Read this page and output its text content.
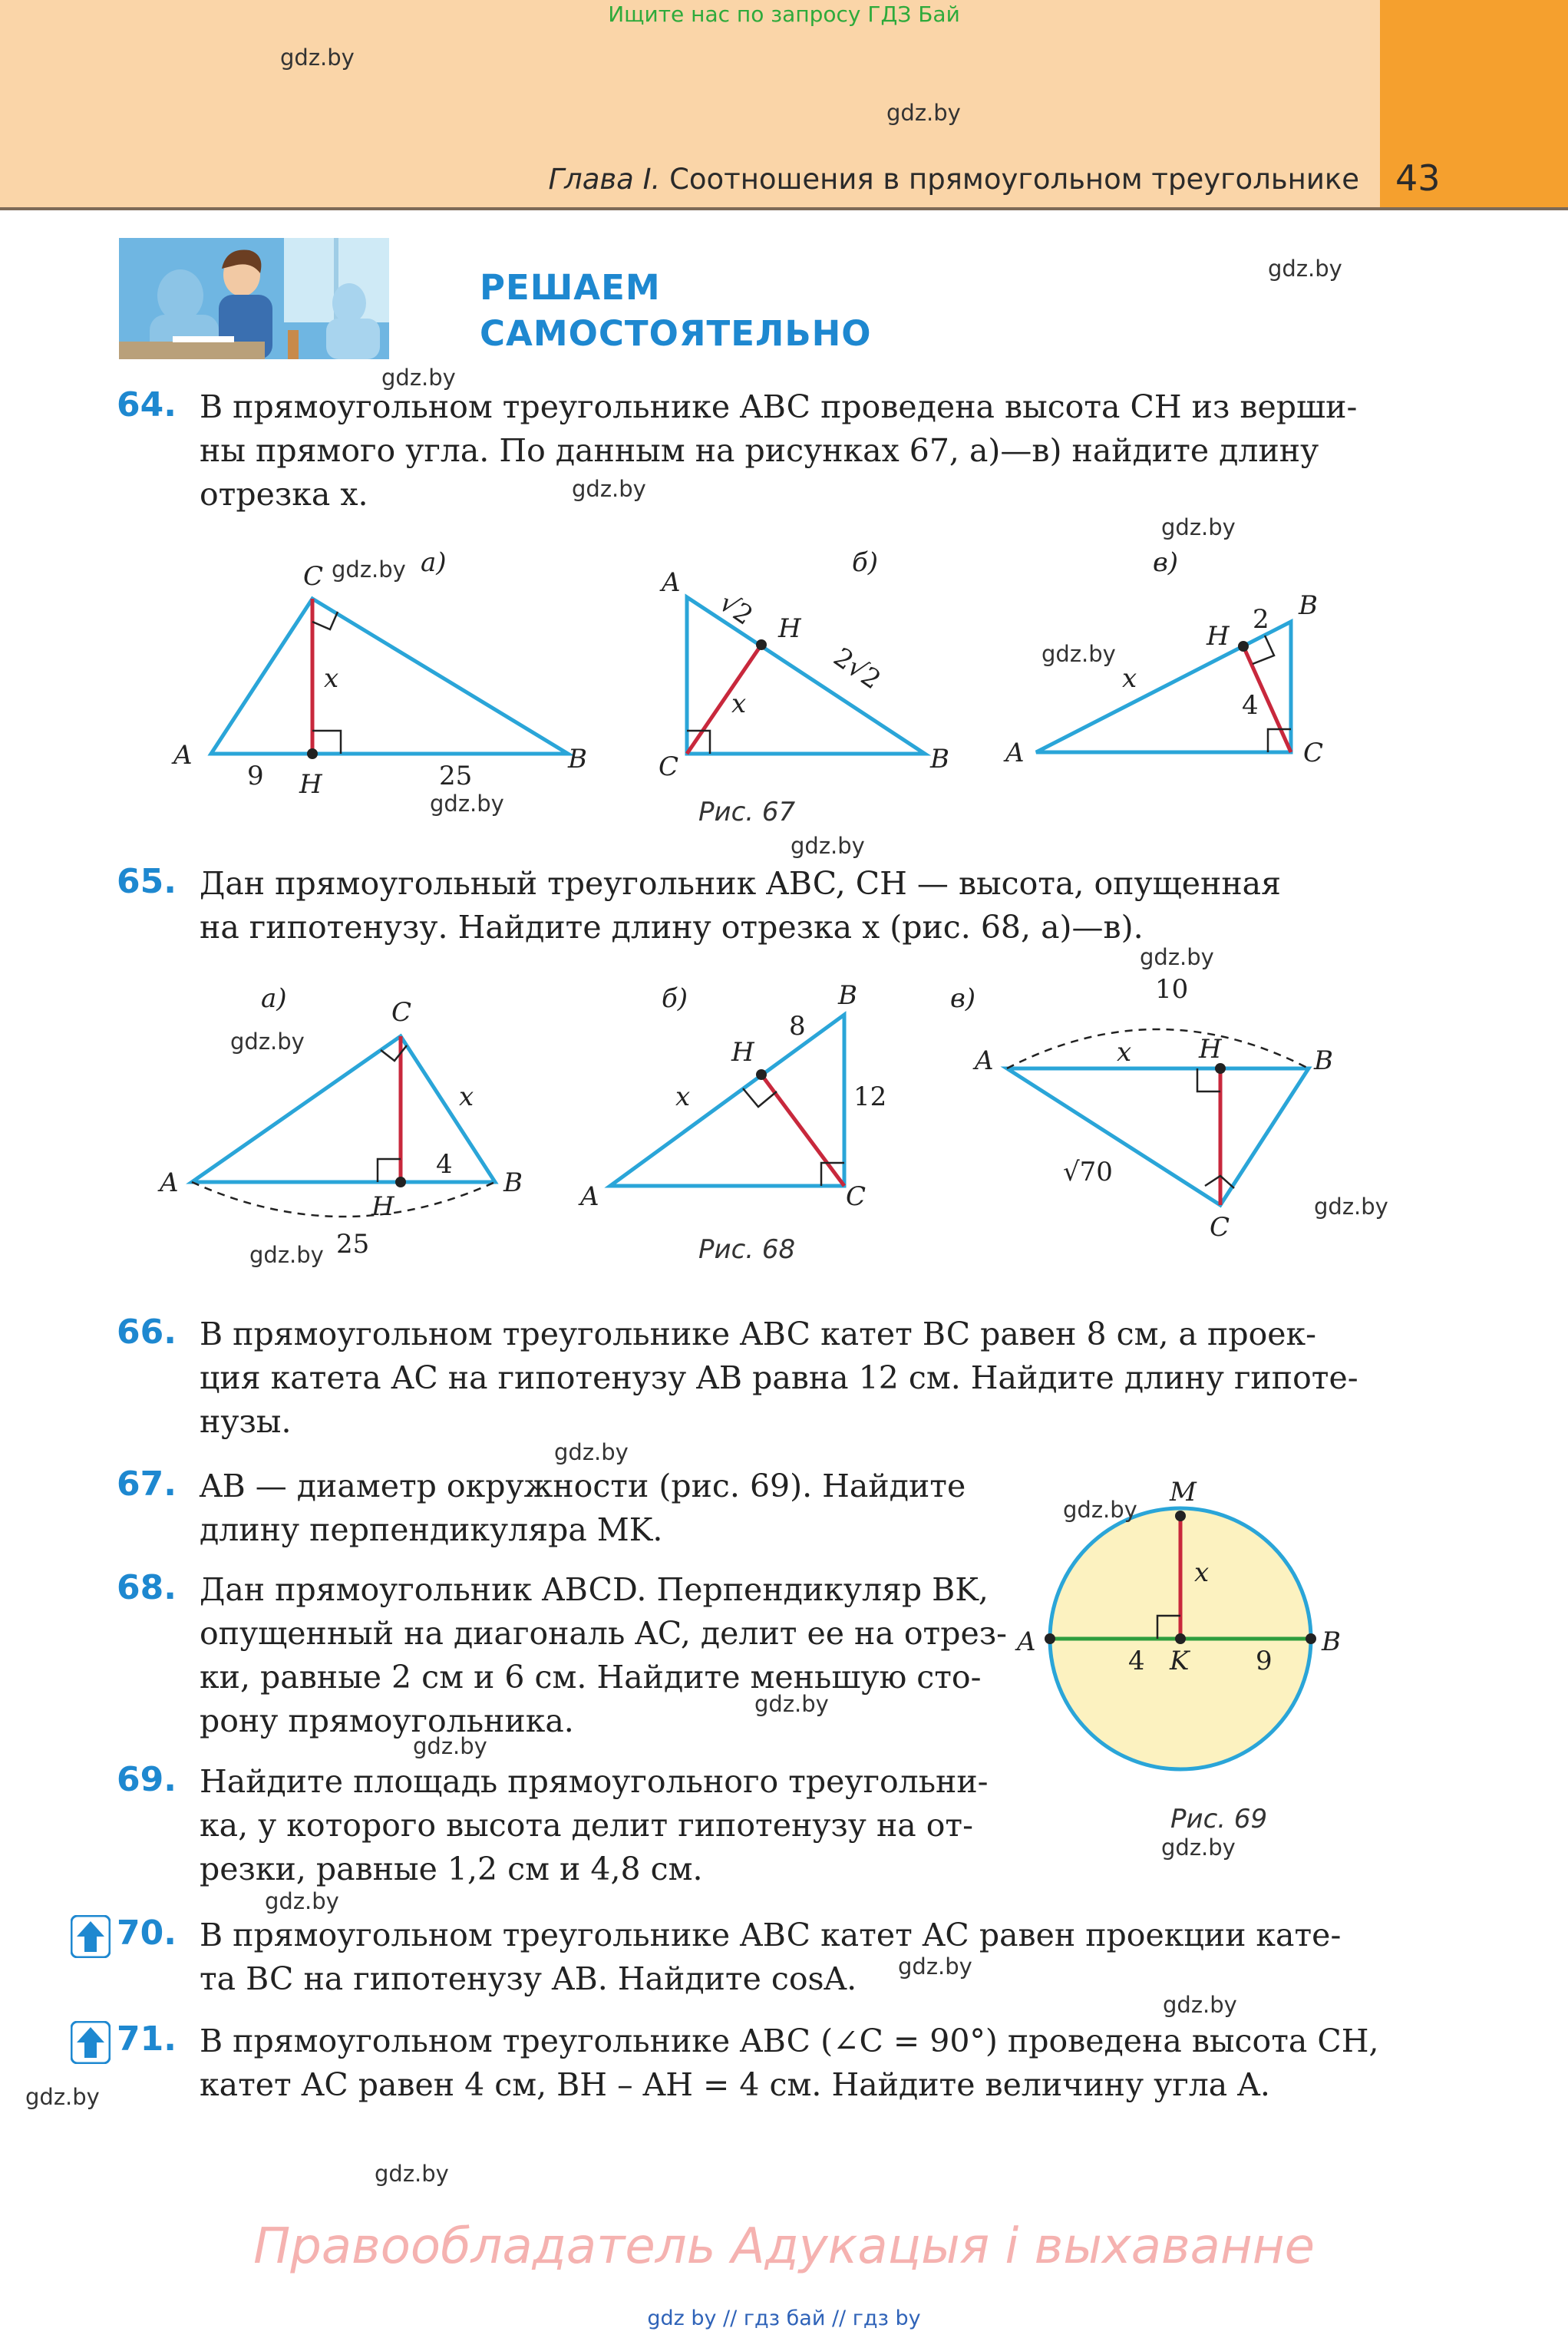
Ищите нас по запросу ГДЗ Бай
gdz.by
gdz.by
Глава I. Соотношения в прямоугольном треугольнике 43
РЕШАЕМ
САМОСТОЯТЕЛЬНО
gdz.by
gdz.by
64. В прямоугольном треугольнике ABC проведена высота CH из верши-
ны прямого угла. По данным на рисунках 67, а)—в) найдите длину
отрезка x.	gdz.by
gdz.by
C
A	B
H
x
9	25
а)
A
C	B
H
x
√2
2√2
б)
A
B
C
H
x
2
4
в)
gdz.by
gdz.by
gdz.by	Рис. 67
gdz.by
65. Дан прямоугольный треугольник ABC, CH — высота, опущенная
на гипотенузу. Найдите длину отрезка x (рис. 68, а)—в).
gdz.by
A
C
B
H
x
4
25
а)
A
B
C
H
x
8
12
б)
A	B
C
H
x
10
√70
в)
gdz.by
gdz.by
gdz.by
Рис. 68
66. В прямоугольном треугольнике ABC катет BC равен 8 см, а проек-
ция катета AC на гипотенузу AB равна 12 см. Найдите длину гипоте-
нузы.
gdz.by
67. AB — диаметр окружности (рис. 69). Найдите
длину перпендикуляра MK.
68. Дан прямоугольник ABCD. Перпендикуляр BK,
опущенный на диагональ AC, делит ее на отрез-
ки, равные 2 см и 6 см. Найдите меньшую сто-
рону прямоугольника.	gdz.by
gdz.by
M
A	B
K
x
4	9
gdz.by
Рис. 69
gdz.by
69. Найдите площадь прямоугольного треугольни-
ка, у которого высота делит гипотенузу на от-
резки, равные 1,2 см и 4,8 см.
gdz.by
70. В прямоугольном треугольнике ABC катет AC равен проекции кате-
та BC на гипотенузу AB. Найдите cosA.	gdz.by
gdz.by
71. В прямоугольном треугольнике ABC (∠C = 90°) проведена высота CH,
катет AC равен 4 см, BH – AH = 4 см. Найдите величину угла A.
gdz.by
gdz.by
Правообладатель Адукацыя і выхаванне
gdz by // гдз бай // гдз by
